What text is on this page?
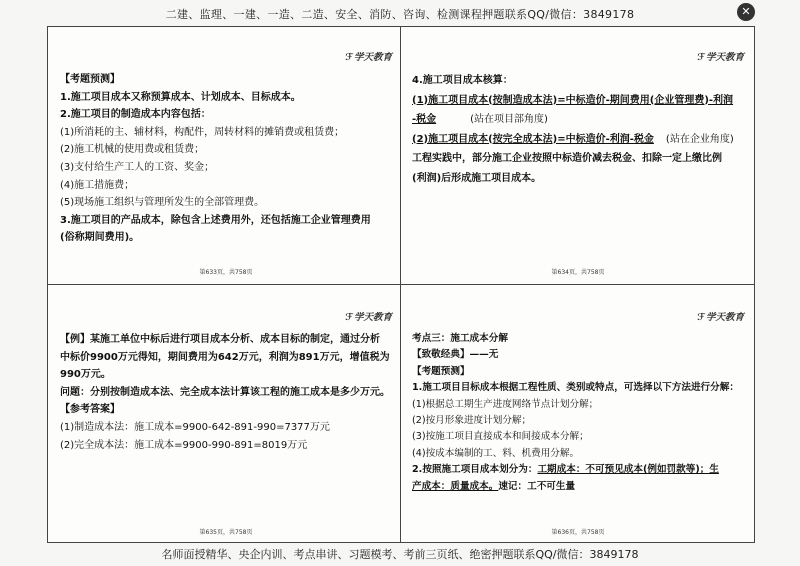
二建、监理、一建、一造、二造、安全、消防、咨询、检测课程押题联系QQ/微信：3849178	✕
ℱ学天教育

【考题预测】

1.施工项目成本又称预算成本、计划成本、目标成本。

2.施工项目的制造成本内容包括：

(1)所消耗的主、辅材料，构配件，周转材料的摊销费或租赁费；

(2)施工机械的使用费或租赁费；

(3)支付给生产工人的工资、奖金；

(4)施工措施费；

(5)现场施工组织与管理所发生的全部管理费。

3.施工项目的产品成本，除包含上述费用外，还包括施工企业管理费用

(俗称期间费用)。

第633页，共758页
ℱ学天教育

4.施工项目成本核算：

(1)施工项目成本(按制造成本法)=中标造价-期间费用(企业管理费)-利润

-税金	(站在项目部角度)

(2)施工项目成本(按完全成本法)=中标造价-利润-税金 (站在企业角度)

工程实践中，部分施工企业按照中标造价减去税金、扣除一定上缴比例

(利润)后形成施工项目成本。

第634页，共758页
ℱ学天教育

【例】某施工单位中标后进行项目成本分析、成本目标的制定，通过分析

中标价9900万元得知，期间费用为642万元，利润为891万元，增值税为

990万元。

问题：分别按制造成本法、完全成本法计算该工程的施工成本是多少万元。

【参考答案】

(1)制造成本法：施工成本=9900-642-891-990=7377万元

(2)完全成本法：施工成本=9900-990-891=8019万元

第635页，共758页
ℱ学天教育

考点三：施工成本分解

【致敬经典】——无

【考题预测】

1.施工项目目标成本根据工程性质、类别或特点，可选择以下方法进行分解：

(1)根据总工期生产进度网络节点计划分解；

(2)按月形象进度计划分解；

(3)按施工项目直接成本和间接成本分解；

(4)按成本编制的工、料、机费用分解。

2.按照施工项目成本划分为：工期成本：不可预见成本(例如罚款等)；生

产成本：质量成本。速记：工不可生量

第636页，共758页
名师面授精华、央企内训、考点串讲、习题模考、考前三页纸、绝密押题联系QQ/微信：3849178
